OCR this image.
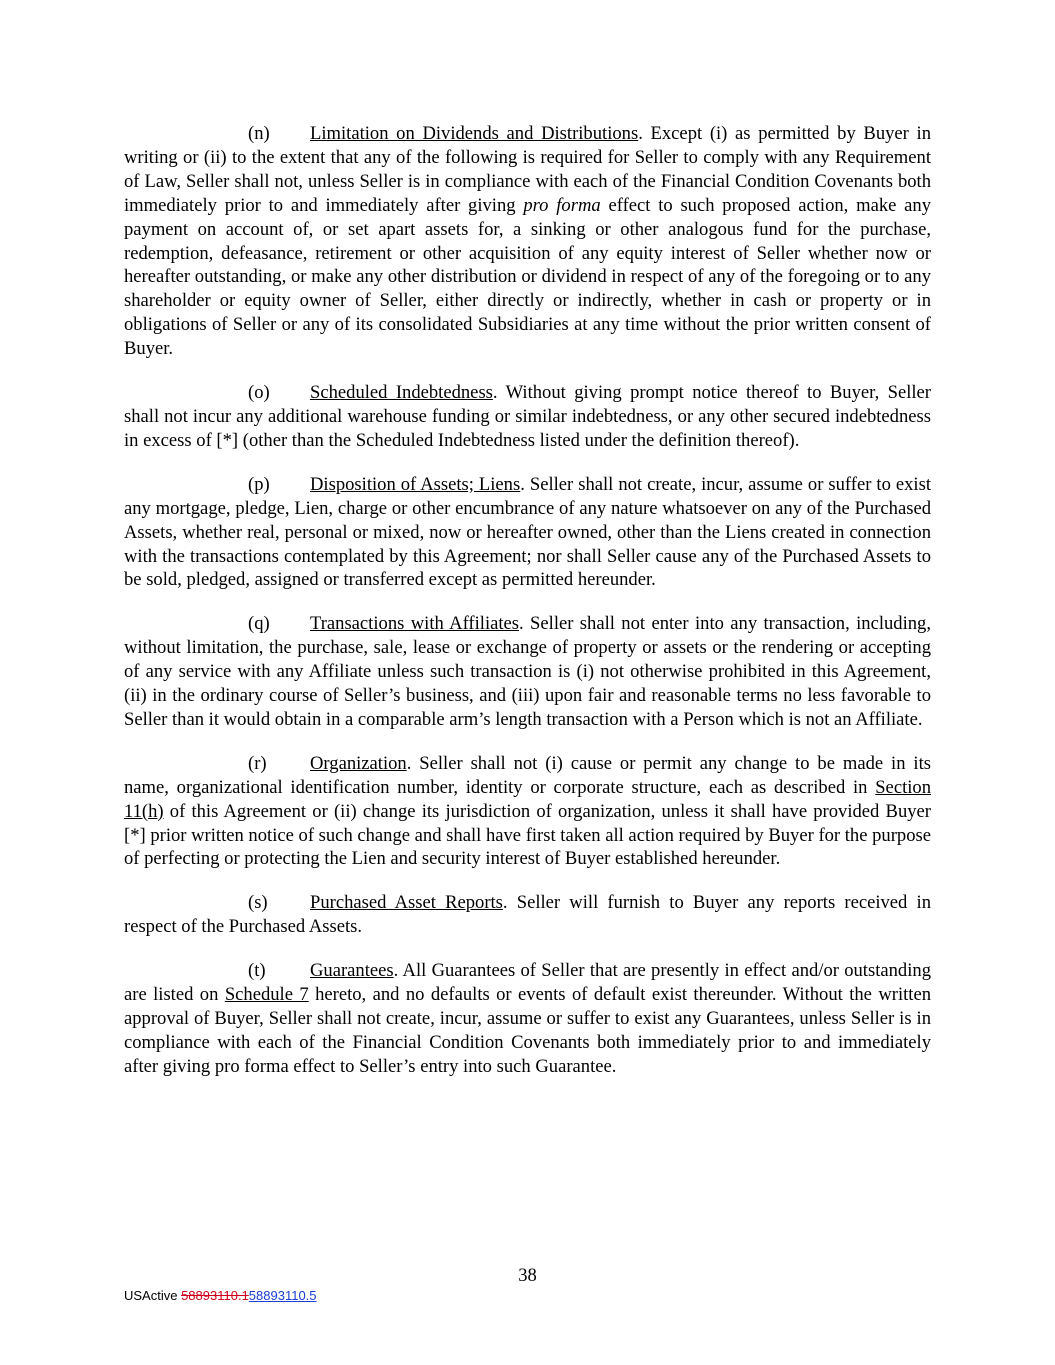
(n) Limitation on Dividends and Distributions. Except (i) as permitted by Buyer in writing or (ii) to the extent that any of the following is required for Seller to comply with any Requirement of Law, Seller shall not, unless Seller is in compliance with each of the Financial Condition Covenants both immediately prior to and immediately after giving pro forma effect to such proposed action, make any payment on account of, or set apart assets for, a sinking or other analogous fund for the purchase, redemption, defeasance, retirement or other acquisition of any equity interest of Seller whether now or hereafter outstanding, or make any other distribution or dividend in respect of any of the foregoing or to any shareholder or equity owner of Seller, either directly or indirectly, whether in cash or property or in obligations of Seller or any of its consolidated Subsidiaries at any time without the prior written consent of Buyer.

(o) Scheduled Indebtedness. Without giving prompt notice thereof to Buyer, Seller shall not incur any additional warehouse funding or similar indebtedness, or any other secured indebtedness in excess of [*] (other than the Scheduled Indebtedness listed under the definition thereof).

(p) Disposition of Assets; Liens. Seller shall not create, incur, assume or suffer to exist any mortgage, pledge, Lien, charge or other encumbrance of any nature whatsoever on any of the Purchased Assets, whether real, personal or mixed, now or hereafter owned, other than the Liens created in connection with the transactions contemplated by this Agreement; nor shall Seller cause any of the Purchased Assets to be sold, pledged, assigned or transferred except as permitted hereunder.

(q) Transactions with Affiliates. Seller shall not enter into any transaction, including, without limitation, the purchase, sale, lease or exchange of property or assets or the rendering or accepting of any service with any Affiliate unless such transaction is (i) not otherwise prohibited in this Agreement, (ii) in the ordinary course of Seller’s business, and (iii) upon fair and reasonable terms no less favorable to Seller than it would obtain in a comparable arm’s length transaction with a Person which is not an Affiliate.

(r) Organization. Seller shall not (i) cause or permit any change to be made in its name, organizational identification number, identity or corporate structure, each as described in Section 11(h) of this Agreement or (ii) change its jurisdiction of organization, unless it shall have provided Buyer [*] prior written notice of such change and shall have first taken all action required by Buyer for the purpose of perfecting or protecting the Lien and security interest of Buyer established hereunder.

(s) Purchased Asset Reports. Seller will furnish to Buyer any reports received in respect of the Purchased Assets.

(t) Guarantees. All Guarantees of Seller that are presently in effect and/or outstanding are listed on Schedule 7 hereto, and no defaults or events of default exist thereunder. Without the written approval of Buyer, Seller shall not create, incur, assume or suffer to exist any Guarantees, unless Seller is in compliance with each of the Financial Condition Covenants both immediately prior to and immediately after giving pro forma effect to Seller’s entry into such Guarantee.

38
USActive 58893110.158893110.5
